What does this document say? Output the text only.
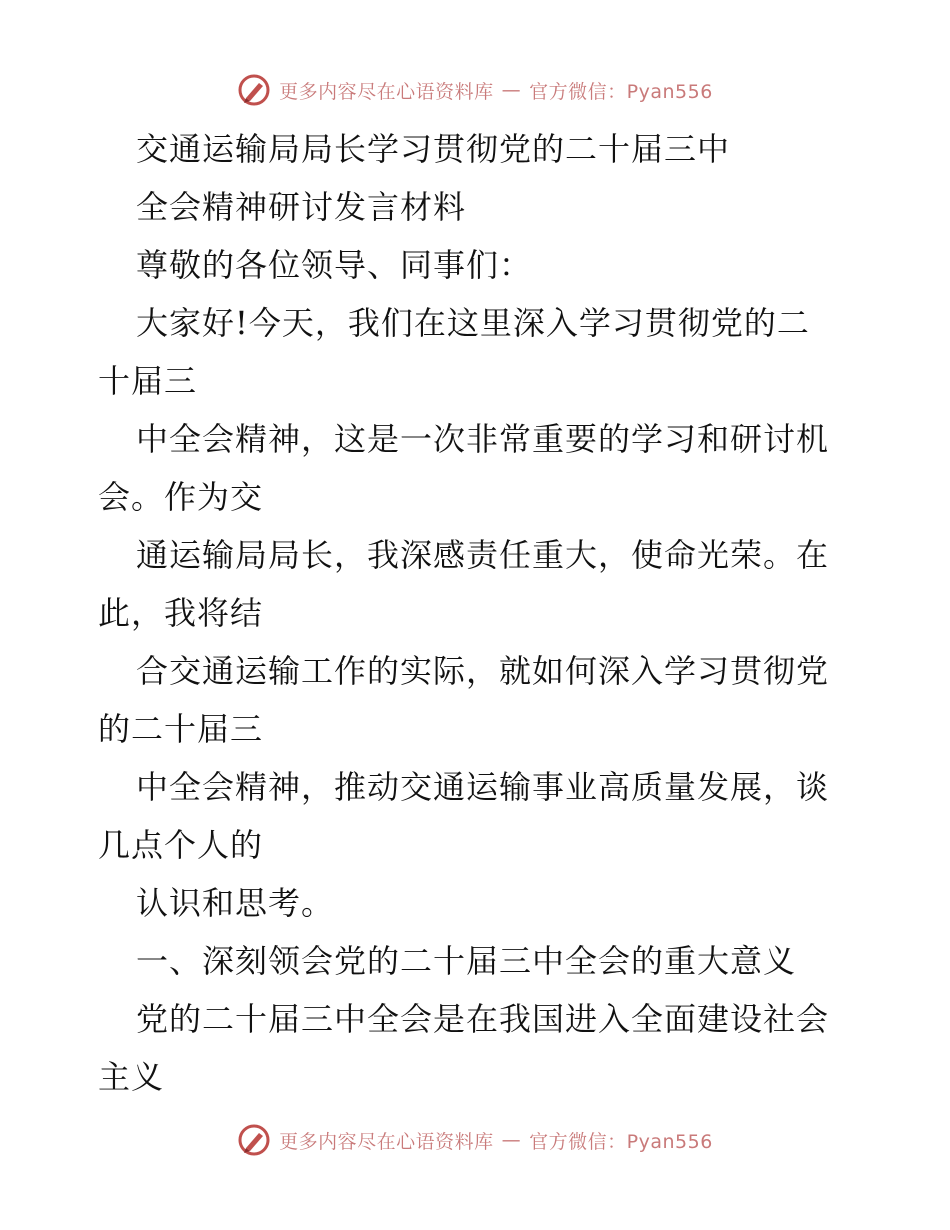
更多内容尽在心语资料库 — 官方微信：Pyan556
交通运输局局长学习贯彻党的二十届三中
全会精神研讨发言材料
尊敬的各位领导、同事们：
大家好!今天，我们在这里深入学习贯彻党的二
十届三
中全会精神，这是一次非常重要的学习和研讨机
会。作为交
通运输局局长，我深感责任重大，使命光荣。在
此，我将结
合交通运输工作的实际，就如何深入学习贯彻党
的二十届三
中全会精神，推动交通运输事业高质量发展，谈
几点个人的
认识和思考。
一、深刻领会党的二十届三中全会的重大意义
党的二十届三中全会是在我国进入全面建设社会
主义
更多内容尽在心语资料库 — 官方微信：Pyan556
